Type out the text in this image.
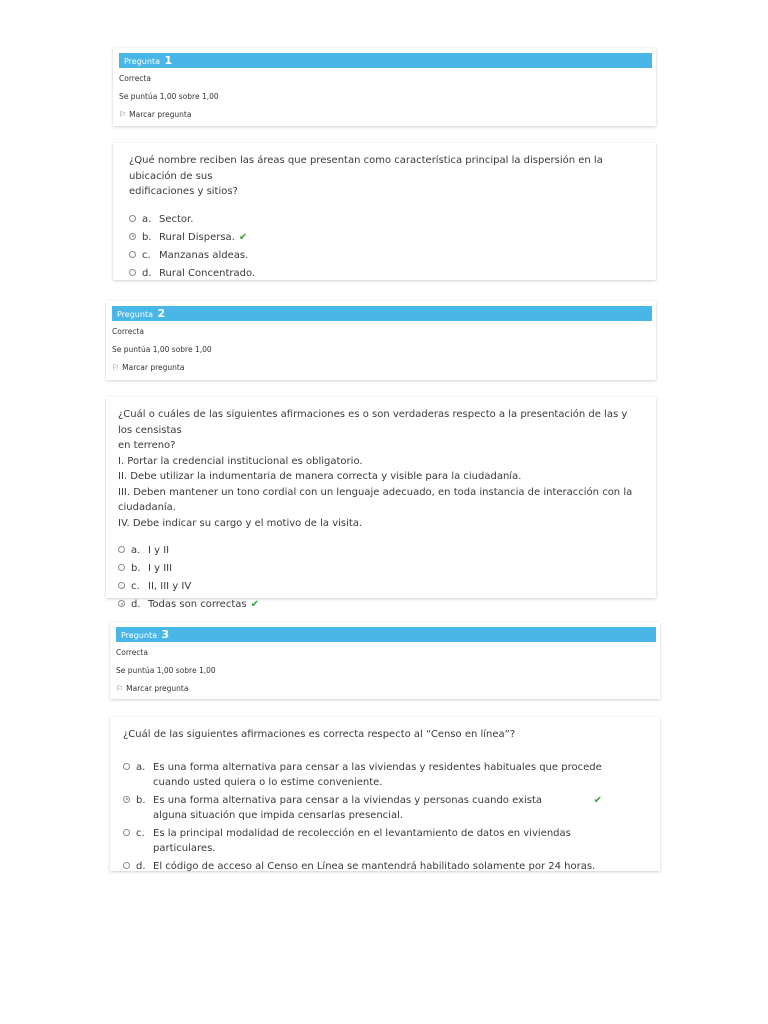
Pregunta 1
Correcta
Se puntúa 1,00 sobre 1,00
⚐ Marcar pregunta
¿Qué nombre reciben las áreas que presentan como característica principal la dispersión en la ubicación de sus
edificaciones y sitios?
a. Sector.
b. Rural Dispersa. ✔
c. Manzanas aldeas.
d. Rural Concentrado.
Pregunta 2
Correcta
Se puntúa 1,00 sobre 1,00
⚐ Marcar pregunta
¿Cuál o cuáles de las siguientes afirmaciones es o son verdaderas respecto a la presentación de las y los censistas
en terreno?
I. Portar la credencial institucional es obligatorio.
II. Debe utilizar la indumentaria de manera correcta y visible para la ciudadanía.
III. Deben mantener un tono cordial con un lenguaje adecuado, en toda instancia de interacción con la ciudadanía.
IV. Debe indicar su cargo y el motivo de la visita.
a. I y II
b. I y III
c. II, III y IV
d. Todas son correctas ✔
Pregunta 3
Correcta
Se puntúa 1,00 sobre 1,00
⚐ Marcar pregunta
¿Cuál de las siguientes afirmaciones es correcta respecto al “Censo en línea”?
a. Es una forma alternativa para censar a las viviendas y residentes habituales que procede cuando usted quiera o lo estime conveniente.
b. Es una forma alternativa para censar a la viviendas y personas cuando exista alguna situación que impida censarlas presencial.
✔
c. Es la principal modalidad de recolección en el levantamiento de datos en viviendas particulares.
d. El código de acceso al Censo en Línea se mantendrá habilitado solamente por 24 horas.
